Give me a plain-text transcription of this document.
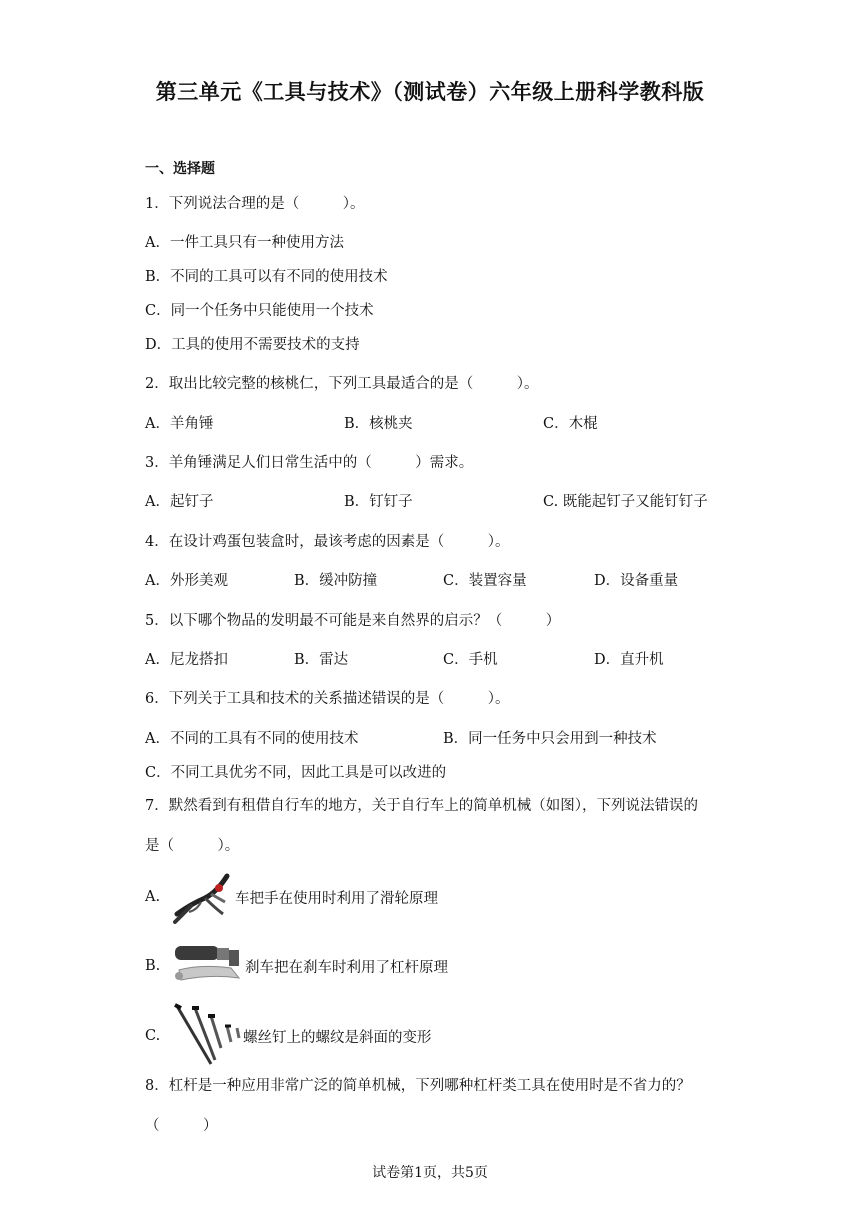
第三单元《工具与技术》（测试卷）六年级上册科学教科版
一、选择题
1．下列说法合理的是（　　　）。
A．一件工具只有一种使用方法
B．不同的工具可以有不同的使用技术
C．同一个任务中只能使用一个技术
D．工具的使用不需要技术的支持
2．取出比较完整的核桃仁，下列工具最适合的是（　　　）。
A．羊角锤	B．核桃夹	C．木棍
3．羊角锤满足人们日常生活中的（　　　）需求。
A．起钉子	B．钉钉子	C. 既能起钉子又能钉钉子
4．在设计鸡蛋包装盒时，最该考虑的因素是（　　　）。
A．外形美观	B．缓冲防撞	C．装置容量	D．设备重量
5．以下哪个物品的发明最不可能是来自然界的启示？（　　　）
A．尼龙搭扣	B．雷达	C．手机	D．直升机
6．下列关于工具和技术的关系描述错误的是（　　　）。
A．不同的工具有不同的使用技术	B．同一任务中只会用到一种技术
C．不同工具优劣不同，因此工具是可以改进的
7．默然看到有租借自行车的地方，关于自行车上的简单机械（如图），下列说法错误的
是（　　　）。
A.	车把手在使用时利用了滑轮原理
B.	刹车把在刹车时利用了杠杆原理
C.	螺丝钉上的螺纹是斜面的变形
8．杠杆是一种应用非常广泛的简单机械，下列哪种杠杆类工具在使用时是不省力的？
（　　　）
试卷第1页，共5页
